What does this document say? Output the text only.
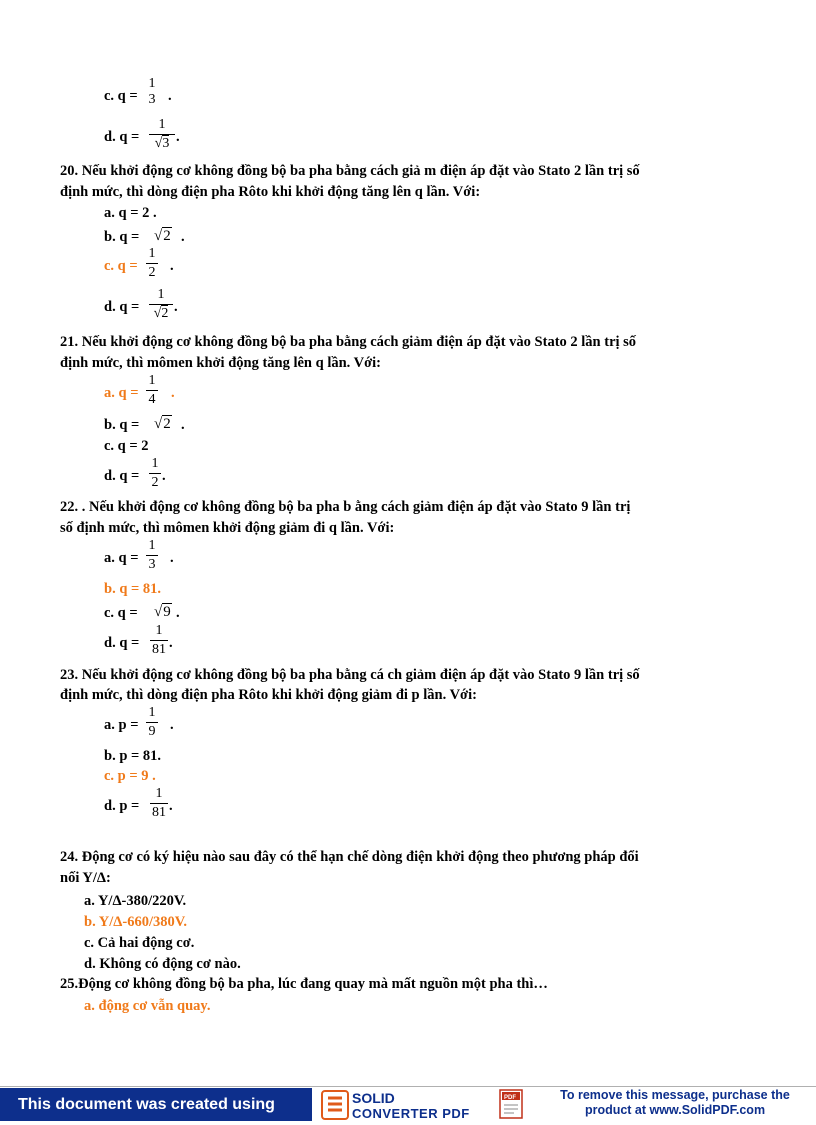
c. q =
1
3 .
d. q =
1
√3 .
20. Nếu khởi động cơ không đồng bộ ba pha bằng cách giả m điện áp đặt vào Stato 2 lần trị số
định mức, thì dòng điện pha Rôto khi khởi động tăng lên q lần. Với:
a. q = 2 .
b. q = √2 .
c. q =
1
2 .
d. q =
1
√2 .
21. Nếu khởi động cơ không đồng bộ ba pha bằng cách giảm điện áp đặt vào Stato 2 lần trị số
định mức, thì mômen khởi động tăng lên q lần. Với:
a. q =
1
4 .
b. q = √2 .
c. q = 2
d. q =
1
2 .
22. . Nếu khởi động cơ không đồng bộ ba pha b ằng cách giảm điện áp đặt vào Stato 9 lần trị
số định mức, thì mômen khởi động giảm đi q lần. Với:
a. q =
1
3 .
b. q = 81.
c. q = √9 .
d. q =
1
81 .
23. Nếu khởi động cơ không đồng bộ ba pha bằng cá ch giảm điện áp đặt vào Stato 9 lần trị số
định mức, thì dòng điện pha Rôto khi khởi động giảm đi p lần. Với:
a. p =
1
9 .
b. p = 81.
c. p = 9 .
d. p =
1
81 .
24. Động cơ có ký hiệu nào sau đây có thể hạn chế dòng điện khởi động theo phương pháp đổi
nối Y/Δ:
a. Y/Δ-380/220V.
b. Y/Δ-660/380V.
c. Cả hai động cơ.
d. Không có động cơ nào.
25.Động cơ không đồng bộ ba pha, lúc đang quay mà mất nguồn một pha thì…
a. động cơ vẫn quay.
This document was created using	SOLID
CONVERTER PDF
PDF	To remove this message, purchase the
product at www.SolidPDF.com
